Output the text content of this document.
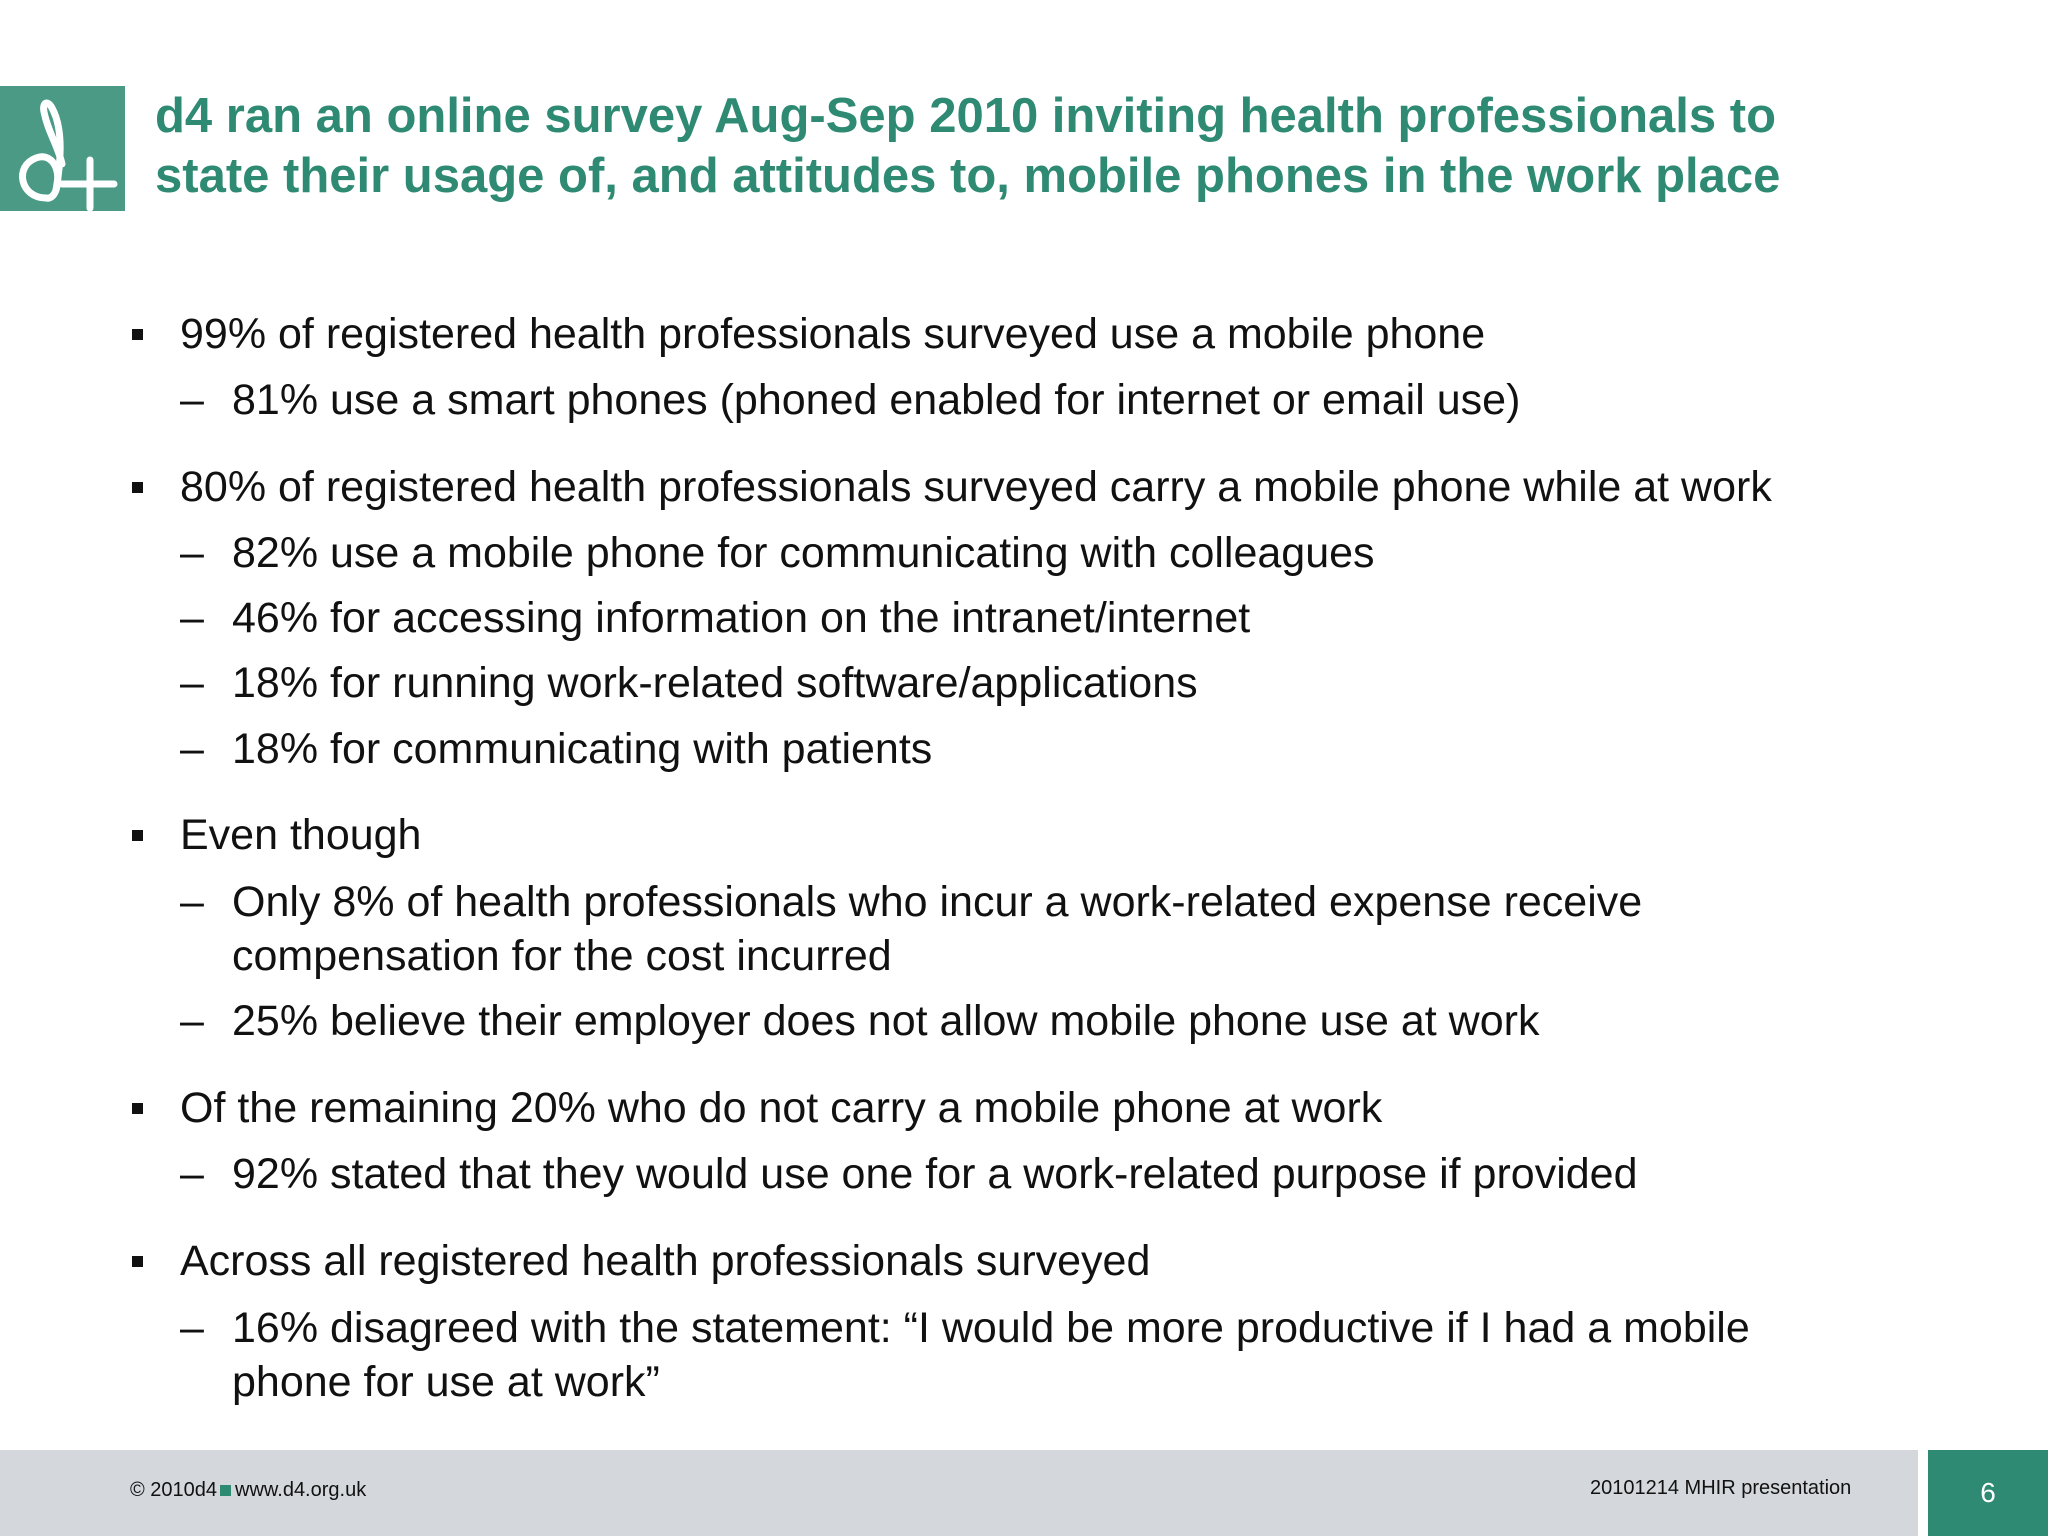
d4 ran an online survey Aug-Sep 2010 inviting health professionals to
state their usage of, and attitudes to, mobile phones in the work place
99% of registered health professionals surveyed use a mobile phone
– 81% use a smart phones (phoned enabled for internet or email use)
80% of registered health professionals surveyed carry a mobile phone while at work
– 82% use a mobile phone for communicating with colleagues
– 46% for accessing information on the intranet/internet
– 18% for running work-related software/applications
– 18% for communicating with patients
Even though
– Only 8% of health professionals who incur a work-related expense receive
compensation for the cost incurred
– 25% believe their employer does not allow mobile phone use at work
Of the remaining 20% who do not carry a mobile phone at work
– 92% stated that they would use one for a work-related purpose if provided
Across all registered health professionals surveyed
– 16% disagreed with the statement: “I would be more productive if I had a mobile
phone for use at work”
© 2010d4 www.d4.org.uk	20101214 MHIR presentation	6
